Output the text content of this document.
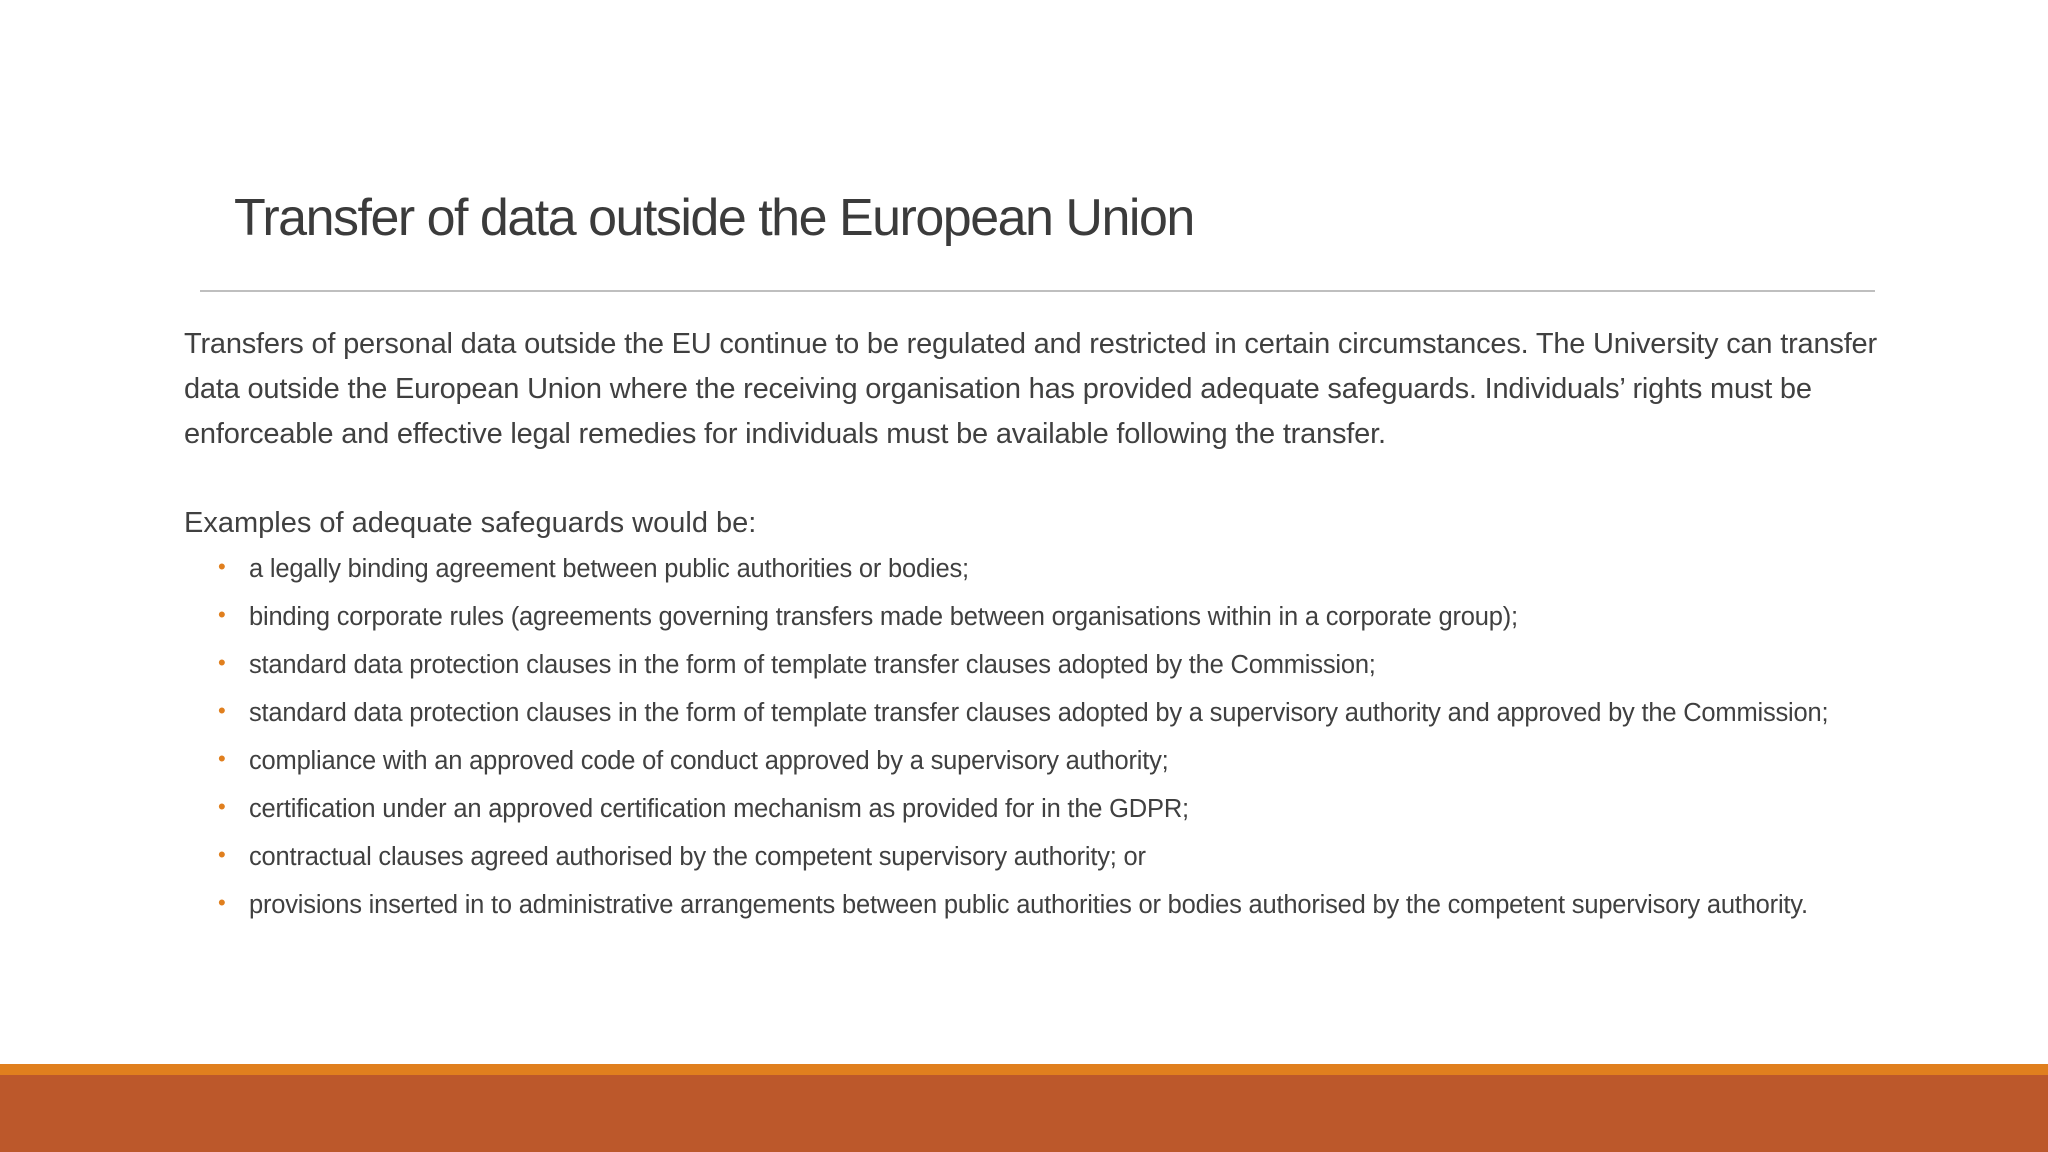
Transfer of data outside the European Union

Transfers of personal data outside the EU continue to be regulated and restricted in certain circumstances. The University can transfer data outside the European Union where the receiving organisation has provided adequate safeguards. Individuals’ rights must be enforceable and effective legal remedies for individuals must be available following the transfer.

Examples of adequate safeguards would be:

• a legally binding agreement between public authorities or bodies;
• binding corporate rules (agreements governing transfers made between organisations within in a corporate group);
• standard data protection clauses in the form of template transfer clauses adopted by the Commission;
• standard data protection clauses in the form of template transfer clauses adopted by a supervisory authority and approved by the Commission;
• compliance with an approved code of conduct approved by a supervisory authority;
• certification under an approved certification mechanism as provided for in the GDPR;
• contractual clauses agreed authorised by the competent supervisory authority; or
• provisions inserted in to administrative arrangements between public authorities or bodies authorised by the competent supervisory authority.
